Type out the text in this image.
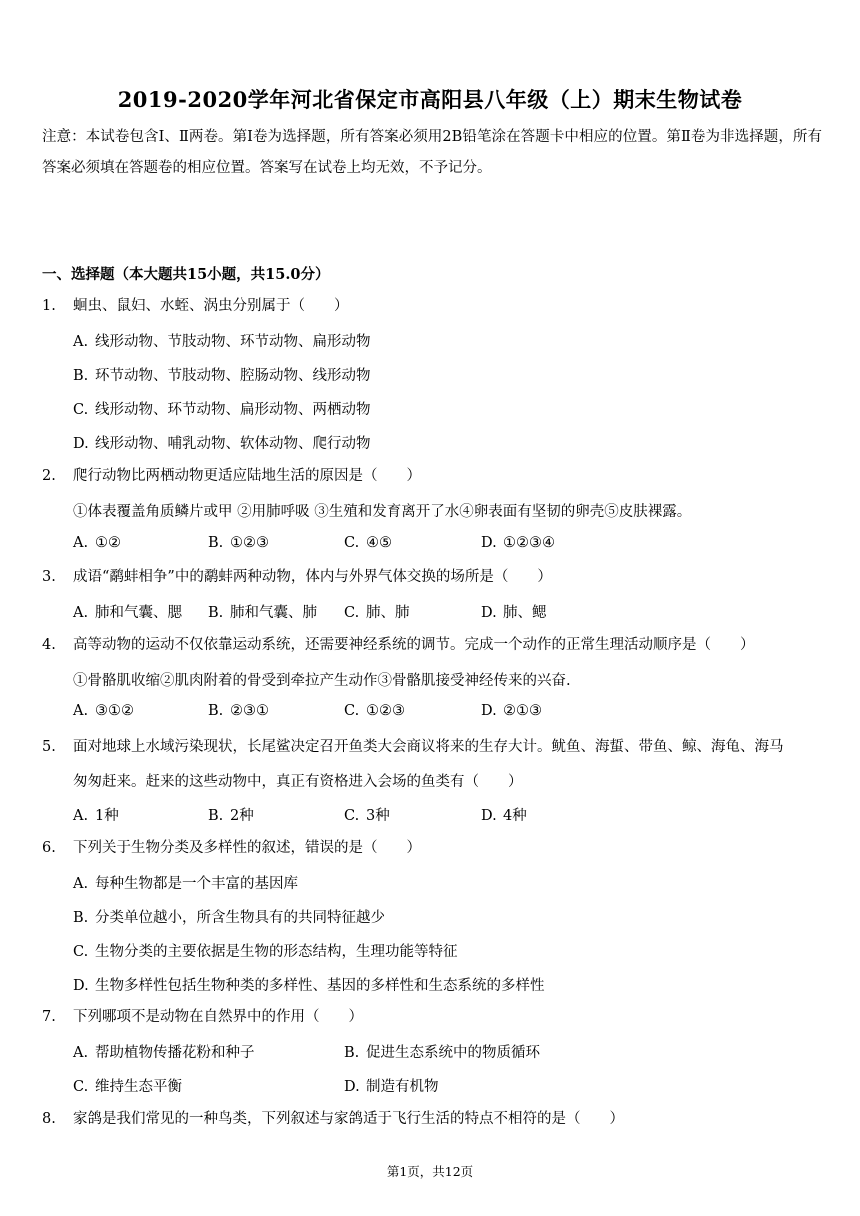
2019-2020学年河北省保定市高阳县八年级（上）期末生物试卷
注意：本试卷包含Ⅰ、Ⅱ两卷。第Ⅰ卷为选择题，所有答案必须用2B铅笔涂在答题卡中相应的位置。第Ⅱ卷为非选择题，所有答案必须填在答题卷的相应位置。答案写在试卷上均无效，不予记分。
一、选择题（本大题共15小题，共15.0分）
1. 蛔虫、鼠妇、水蛭、涡虫分别属于（　　）
A. 线形动物、节肢动物、环节动物、扁形动物
B. 环节动物、节肢动物、腔肠动物、线形动物
C. 线形动物、环节动物、扁形动物、两栖动物
D. 线形动物、哺乳动物、软体动物、爬行动物
2. 爬行动物比两栖动物更适应陆地生活的原因是（　　）
①体表覆盖角质鳞片或甲 ②用肺呼吸 ③生殖和发育离开了水④卵表面有坚韧的卵壳⑤皮肤裸露。
A. ①②	B. ①②③	C. ④⑤	D. ①②③④
3. 成语“鹬蚌相争”中的鹬蚌两种动物，体内与外界气体交换的场所是（　　）
A. 肺和气囊、腮 B. 肺和气囊、肺 C. 肺、肺	D. 肺、鳃
4. 高等动物的运动不仅依靠运动系统，还需要神经系统的调节。完成一个动作的正常生理活动顺序是（　　）
①骨骼肌收缩②肌肉附着的骨受到牵拉产生动作③骨骼肌接受神经传来的兴奋.
A. ③①②	B. ②③①	C. ①②③	D. ②①③
5. 面对地球上水域污染现状，长尾鲨决定召开鱼类大会商议将来的生存大计。鱿鱼、海蜇、带鱼、鲸、海龟、海马
匆匆赶来。赶来的这些动物中，真正有资格进入会场的鱼类有（　　）
A. 1种	B. 2种	C. 3种	D. 4种
6. 下列关于生物分类及多样性的叙述，错误的是（　　）
A. 每种生物都是一个丰富的基因库
B. 分类单位越小，所含生物具有的共同特征越少
C. 生物分类的主要依据是生物的形态结构，生理功能等特征
D. 生物多样性包括生物种类的多样性、基因的多样性和生态系统的多样性
7. 下列哪项不是动物在自然界中的作用（　　）
A. 帮助植物传播花粉和种子	B. 促进生态系统中的物质循环
C. 维持生态平衡	D. 制造有机物
8. 家鸽是我们常见的一种鸟类，下列叙述与家鸽适于飞行生活的特点不相符的是（　　）
第1页，共12页
